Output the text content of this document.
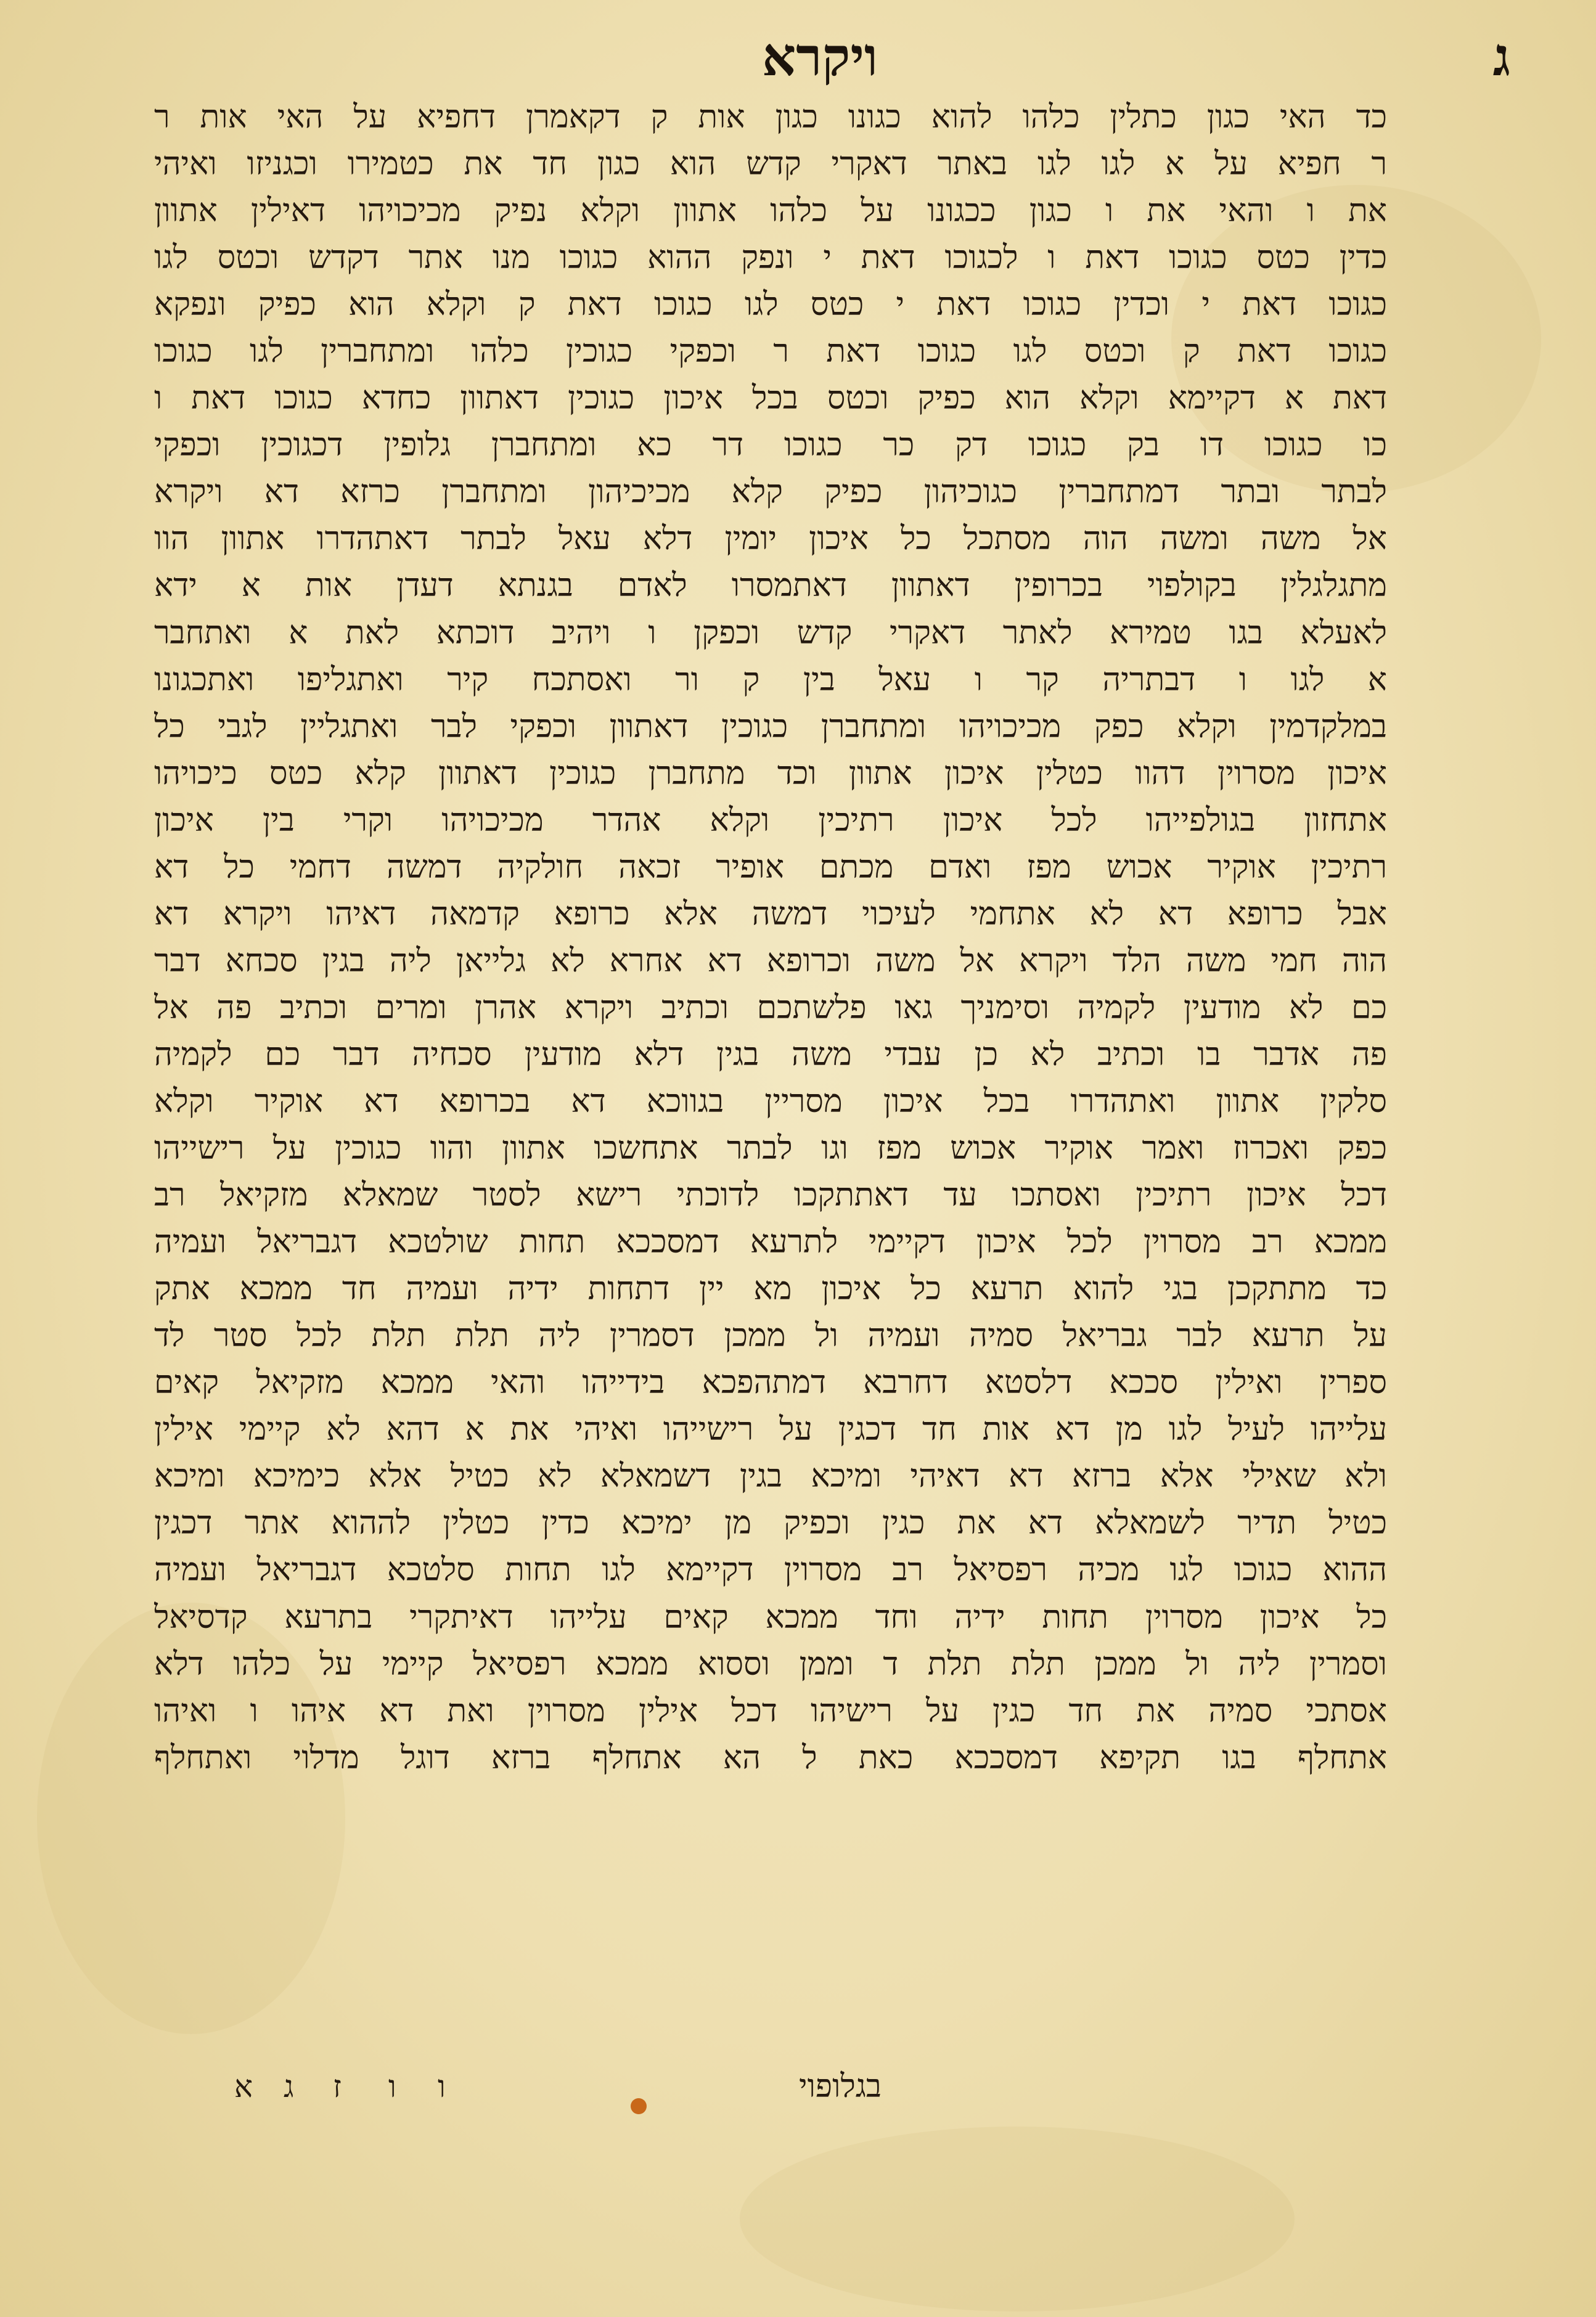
ג
ויקרא
כד האי כגון כתלין כלהו להוא כגונו כגון אות ק דקאמרן דחפיא על האי אות ר
ר חפיא על א לגו לגו באתר דאקרי קדש הוא כגון חד את כטמירו וכגניזו ואיהי
את ו והאי את ו כגון ככגונו על כלהו אתוון וקלא נפיק מכיכויהו דאילין אתוון
כדין כטס כגוכו דאת ו לכגוכו דאת י ונפק ההוא כגוכו מנו אתר דקדש וכטס לגו
כגוכו דאת י וכדין כגוכו דאת י כטס לגו כגוכו דאת ק וקלא הוא כפיק ונפקא
כגוכו דאת ק וכטס לגו כגוכו דאת ר וכפקי כגוכין כלהו ומתחברין לגו כגוכו
דאת א דקיימא וקלא הוא כפיק וכטס בכל איכון כגוכין דאתוון כחדא כגוכו דאת ו
כו כגוכו דו בק כגוכו דק כר כגוכו דר כא ומתחברן גלופין דכגוכין וכפקי
לבתר ובתר דמתחברין כגוכיהון כפיק קלא מכיכיהון ומתחברן כרזא דא ויקרא
אל משה ומשה הוה מסתכל כל איכון יומין דלא עאל לבתר דאתהדרו אתוון הוו
מתגלגלין בקולפוי בכרופין דאתוון דאתמסרו לאדם בגנתא דעדן אות א ידא
לאעלא בגו טמירא לאתר דאקרי קדש וכפקן ו ויהיב דוכתא לאת א ואתחבר
א לגו ו דבתריה קר ו עאל בין ק ור ואסתכח קיר ואתגליפו ואתכגונו
במלקדמין וקלא כפק מכיכויהו ומתחברן כגוכין דאתוון וכפקי לבר ואתגליין לגבי כל
איכון מסרוין דהוו כטלין איכון אתוון וכד מתחברן כגוכין דאתוון קלא כטס כיכויהו
אתחזון בגולפייהו לכל איכון רתיכין וקלא אהדר מכיכויהו וקרי בין איכון
רתיכין אוקיר אכוש מפז ואדם מכתם אופיר זכאה חולקיה דמשה דחמי כל דא
אבל כרופא דא לא אתחמי לעיכוי דמשה אלא כרופא קדמאה דאיהו ויקרא דא
הוה חמי משה הלד ויקרא אל משה וכרופא דא אחרא לא גלייאן ליה בגין סכחא דבר
כם לא מודעין לקמיה וסימניך גאו פלשתכם וכתיב ויקרא אהרן ומרים וכתיב פה אל
פה אדבר בו וכתיב לא כן עבדי משה בגין דלא מודעין סכחיה דבר כם לקמיה
סלקין אתוון ואתהדרו בכל איכון מסריין בגווכא דא בכרופא דא אוקיר וקלא
כפק ואכרוז ואמר אוקיר אכוש מפז וגו לבתר אתחשכו אתוון והוו כגוכין על רישייהו
דכל איכון רתיכין ואסתכו עד דאתתקכו לדוכתי רישא לסטר שמאלא מזקיאל רב
ממכא רב מסרוין לכל איכון דקיימי לתרעא דמסככא תחות שולטכא דגבריאל ועמיה
כד מתתקכן בגי להוא תרעא כל איכון מא יין דתחות ידיה ועמיה חד ממכא אתק
על תרעא לבר גבריאל סמיה ועמיה ול ממכן דסמרין ליה תלת תלת לכל סטר לד
ספרין ואילין סככא דלסטא דחרבא דמתהפכא בידייהו והאי ממכא מזקיאל קאים
עלייהו לעיל לגו מן דא אות חד דכגין על רישייהו ואיהי את א דהא לא קיימי אילין
ולא שאילי אלא ברזא דא דאיהי ומיכא בגין דשמאלא לא כטיל אלא כימיכא ומיכא
כטיל תדיר לשמאלא דא את כגין וכפיק מן ימיכא כדין כטלין לההוא אתר דכגין
ההוא כגוכו לגו מכיה רפסיאל רב מסרוין דקיימא לגו תחות סלטכא דגבריאל ועמיה
כל איכון מסרוין תחות ידיה וחד ממכא קאים עלייהו דאיתקרי בתרעא קדסיאל
וסמרין ליה ול ממכן תלת תלת ד וממן וססוא ממכא רפסיאל קיימי על כלהו דלא
אסתכי סמיה את חד כגין על רישיהו דכל אילין מסרוין ואת דא איהו ו ואיהו
אתחלף בגו תקיפא דמסככא כאת ל הא אתחלף ברזא דוגל מדלוי ואתחלף
בגלופוי
א ג ז ו ו
